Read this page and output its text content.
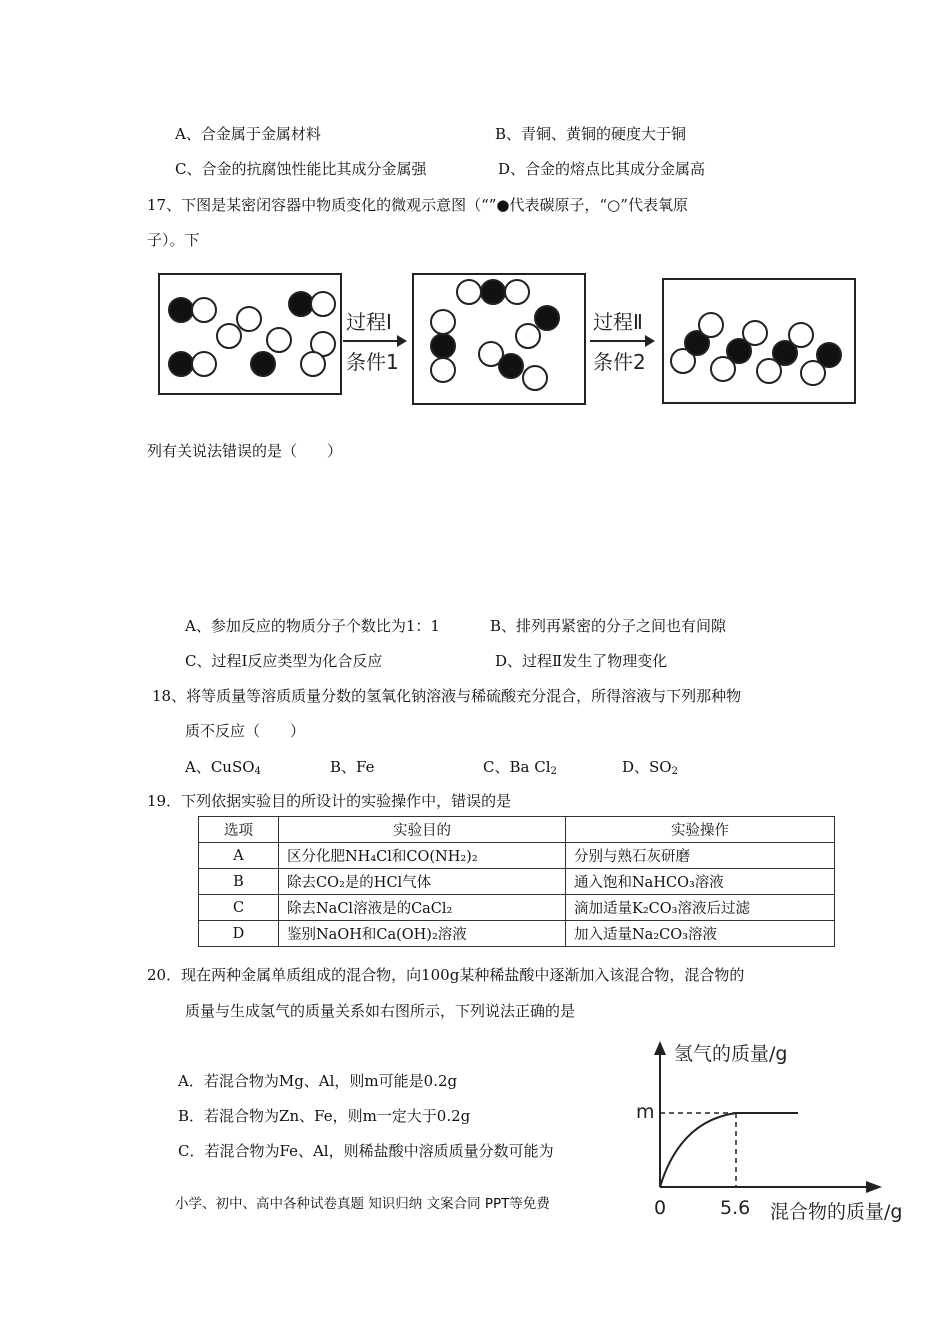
A、合金属于金属材料	B、青铜、黄铜的硬度大于铜
C、合金的抗腐蚀性能比其成分金属强	D、合金的熔点比其成分金属高
17、下图是某密闭容器中物质变化的微观示意图（“”●代表碳原子，“○”代表氧原
子）。下
过程Ⅰ
条件1
过程Ⅱ
条件2
列有关说法错误的是（　　）
A、参加反应的物质分子个数比为1：1	B、排列再紧密的分子之间也有间隙
C、过程Ⅰ反应类型为化合反应	D、过程Ⅱ发生了物理变化
18、将等质量等溶质质量分数的氢氧化钠溶液与稀硫酸充分混合，所得溶液与下列那种物
质不反应（　　）
A、CuSO$_4$	B、Fe	C、Ba $Cl_2$	D、$SO_2$
19．下列依据实验目的所设计的实验操作中，错误的是
选项	实验目的	实验操作
A	区分化肥NH₄Cl和CO(NH₂)₂	分别与熟石灰研磨
B	除去CO₂是的HCl气体	通入饱和NaHCO₃溶液
C	除去NaCl溶液是的CaCl₂	滴加适量K₂CO₃溶液后过滤
D	鉴别NaOH和Ca(OH)₂溶液	加入适量Na₂CO₃溶液
20．现在两种金属单质组成的混合物，向100g某种稀盐酸中逐渐加入该混合物，混合物的
质量与生成氢气的质量关系如右图所示，下列说法正确的是
A．若混合物为Mg、Al，则m可能是0.2g
B．若混合物为Zn、Fe，则m一定大于0.2g
C．若混合物为Fe、Al，则稀盐酸中溶质质量分数可能为
氢气的质量/g
m
0	5.6 混合物的质量/g
小学、初中、高中各种试卷真题 知识归纳 文案合同 PPT等免费
